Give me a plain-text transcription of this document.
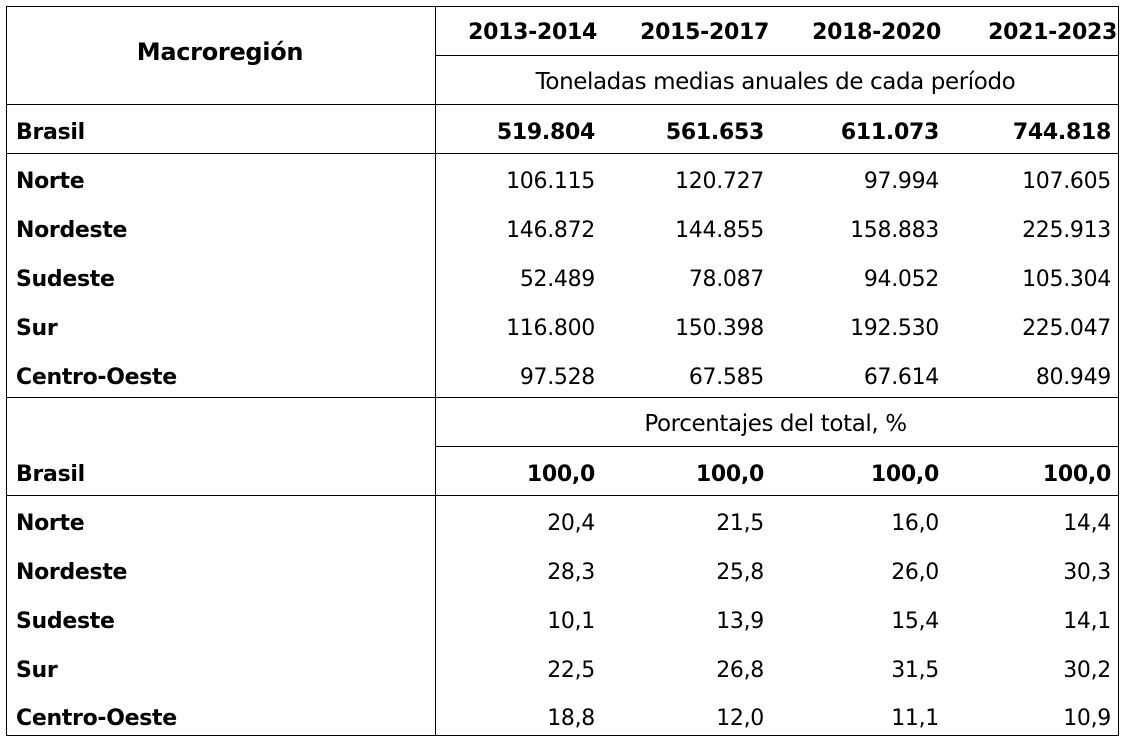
Macroregión
2013-2014	2015-2017	2018-2020	2021-2023
Toneladas medias anuales de cada período
Brasil	519.804	561.653	611.073	744.818
Norte	106.115	120.727	97.994	107.605
Nordeste	146.872	144.855	158.883	225.913
Sudeste	52.489	78.087	94.052	105.304
Sur	116.800	150.398	192.530	225.047
Centro-Oeste	97.528	67.585	67.614	80.949
Porcentajes del total, %
Brasil	100,0	100,0	100,0	100,0
Norte	20,4	21,5	16,0	14,4
Nordeste	28,3	25,8	26,0	30,3
Sudeste	10,1	13,9	15,4	14,1
Sur	22,5	26,8	31,5	30,2
Centro-Oeste	18,8	12,0	11,1	10,9
